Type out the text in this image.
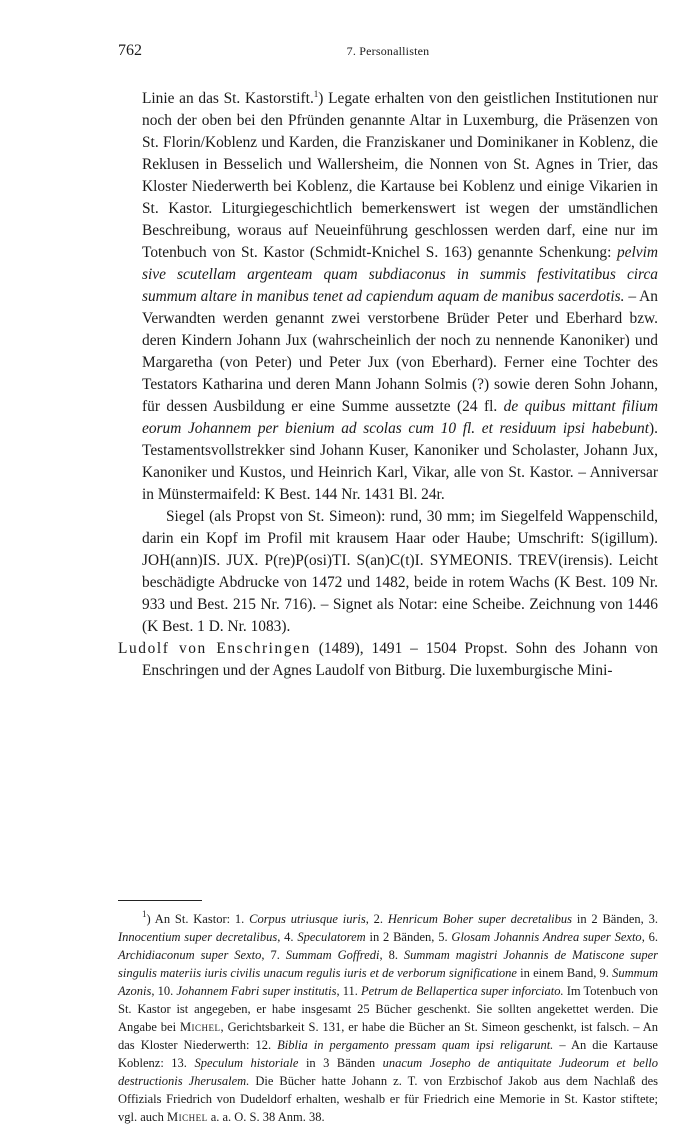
762	7. Personallisten

Linie an das St. Kastorstift.$^1$) Legate erhalten von den geistlichen Institutionen nur noch der oben bei den Pfründen genannte Altar in Luxemburg, die Präsenzen von St. Florin/Koblenz und Karden, die Franziskaner und Dominikaner in Koblenz, die Reklusen in Besselich und Wallersheim, die Nonnen von St. Agnes in Trier, das Kloster Niederwerth bei Koblenz, die Kartause bei Koblenz und einige Vikarien in St. Kastor. Liturgiegeschichtlich bemerkenswert ist wegen der umständlichen Beschreibung, woraus auf Neueinführung geschlossen werden darf, eine nur im Totenbuch von St. Kastor (Schmidt-Knichel S. 163) genannte Schenkung: pelvim sive scutellam argenteam quam subdiaconus in summis festivitatibus circa summum altare in manibus tenet ad capiendum aquam de manibus sacerdotis. – An Verwandten werden genannt zwei verstorbene Brüder Peter und Eberhard bzw. deren Kindern Johann Jux (wahrscheinlich der noch zu nennende Kanoniker) und Margaretha (von Peter) und Peter Jux (von Eberhard). Ferner eine Tochter des Testators Katharina und deren Mann Johann Solmis (?) sowie deren Sohn Johann, für dessen Ausbildung er eine Summe aussetzte (24 fl. de quibus mittant filium eorum Johannem per bienium ad scolas cum 10 fl. et residuum ipsi habebunt). Testamentsvollstrekker sind Johann Kuser, Kanoniker und Scholaster, Johann Jux, Kanoniker und Kustos, und Heinrich Karl, Vikar, alle von St. Kastor. – Anniversar in Münstermaifeld: K Best. 144 Nr. 1431 Bl. 24r.

Siegel (als Propst von St. Simeon): rund, 30 mm; im Siegelfeld Wappenschild, darin ein Kopf im Profil mit krausem Haar oder Haube; Umschrift: S(igillum). JOH(ann)IS. JUX. P(re)P(osi)TI. S(an)C(t)I. SYMEONIS. TREV(irensis). Leicht beschädigte Abdrucke von 1472 und 1482, beide in rotem Wachs (K Best. 109 Nr. 933 und Best. 215 Nr. 716). – Signet als Notar: eine Scheibe. Zeichnung von 1446 (K Best. 1 D. Nr. 1083).

Ludolf von Enschringen (1489), 1491 – 1504 Propst. Sohn des Johann von Enschringen und der Agnes Laudolf von Bitburg. Die luxemburgische Mini-

$^1$) An St. Kastor: 1. Corpus utriusque iuris, 2. Henricum Boher super decretalibus in 2 Bänden, 3. Innocentium super decretalibus, 4. Speculatorem in 2 Bänden, 5. Glosam Johannis Andrea super Sexto, 6. Archidiaconum super Sexto, 7. Summam Goffredi, 8. Summam magistri Johannis de Matiscone super singulis materiis iuris civilis unacum regulis iuris et de verborum significatione in einem Band, 9. Summum Azonis, 10. Johannem Fabri super institutis, 11. Petrum de Bellapertica super inforciato. Im Totenbuch von St. Kastor ist angegeben, er habe insgesamt 25 Bücher geschenkt. Sie sollten angekettet werden. Die Angabe bei Michel, Gerichtsbarkeit S. 131, er habe die Bücher an St. Simeon geschenkt, ist falsch. – An das Kloster Niederwerth: 12. Biblia in pergamento pressam quam ipsi religarunt. – An die Kartause Koblenz: 13. Speculum historiale in 3 Bänden unacum Josepho de antiquitate Judeorum et bello destructionis Jherusalem. Die Bücher hatte Johann z. T. von Erzbischof Jakob aus dem Nachlaß des Offizials Friedrich von Dudeldorf erhalten, weshalb er für Friedrich eine Memorie in St. Kastor stiftete; vgl. auch Michel a. a. O. S. 38 Anm. 38.
